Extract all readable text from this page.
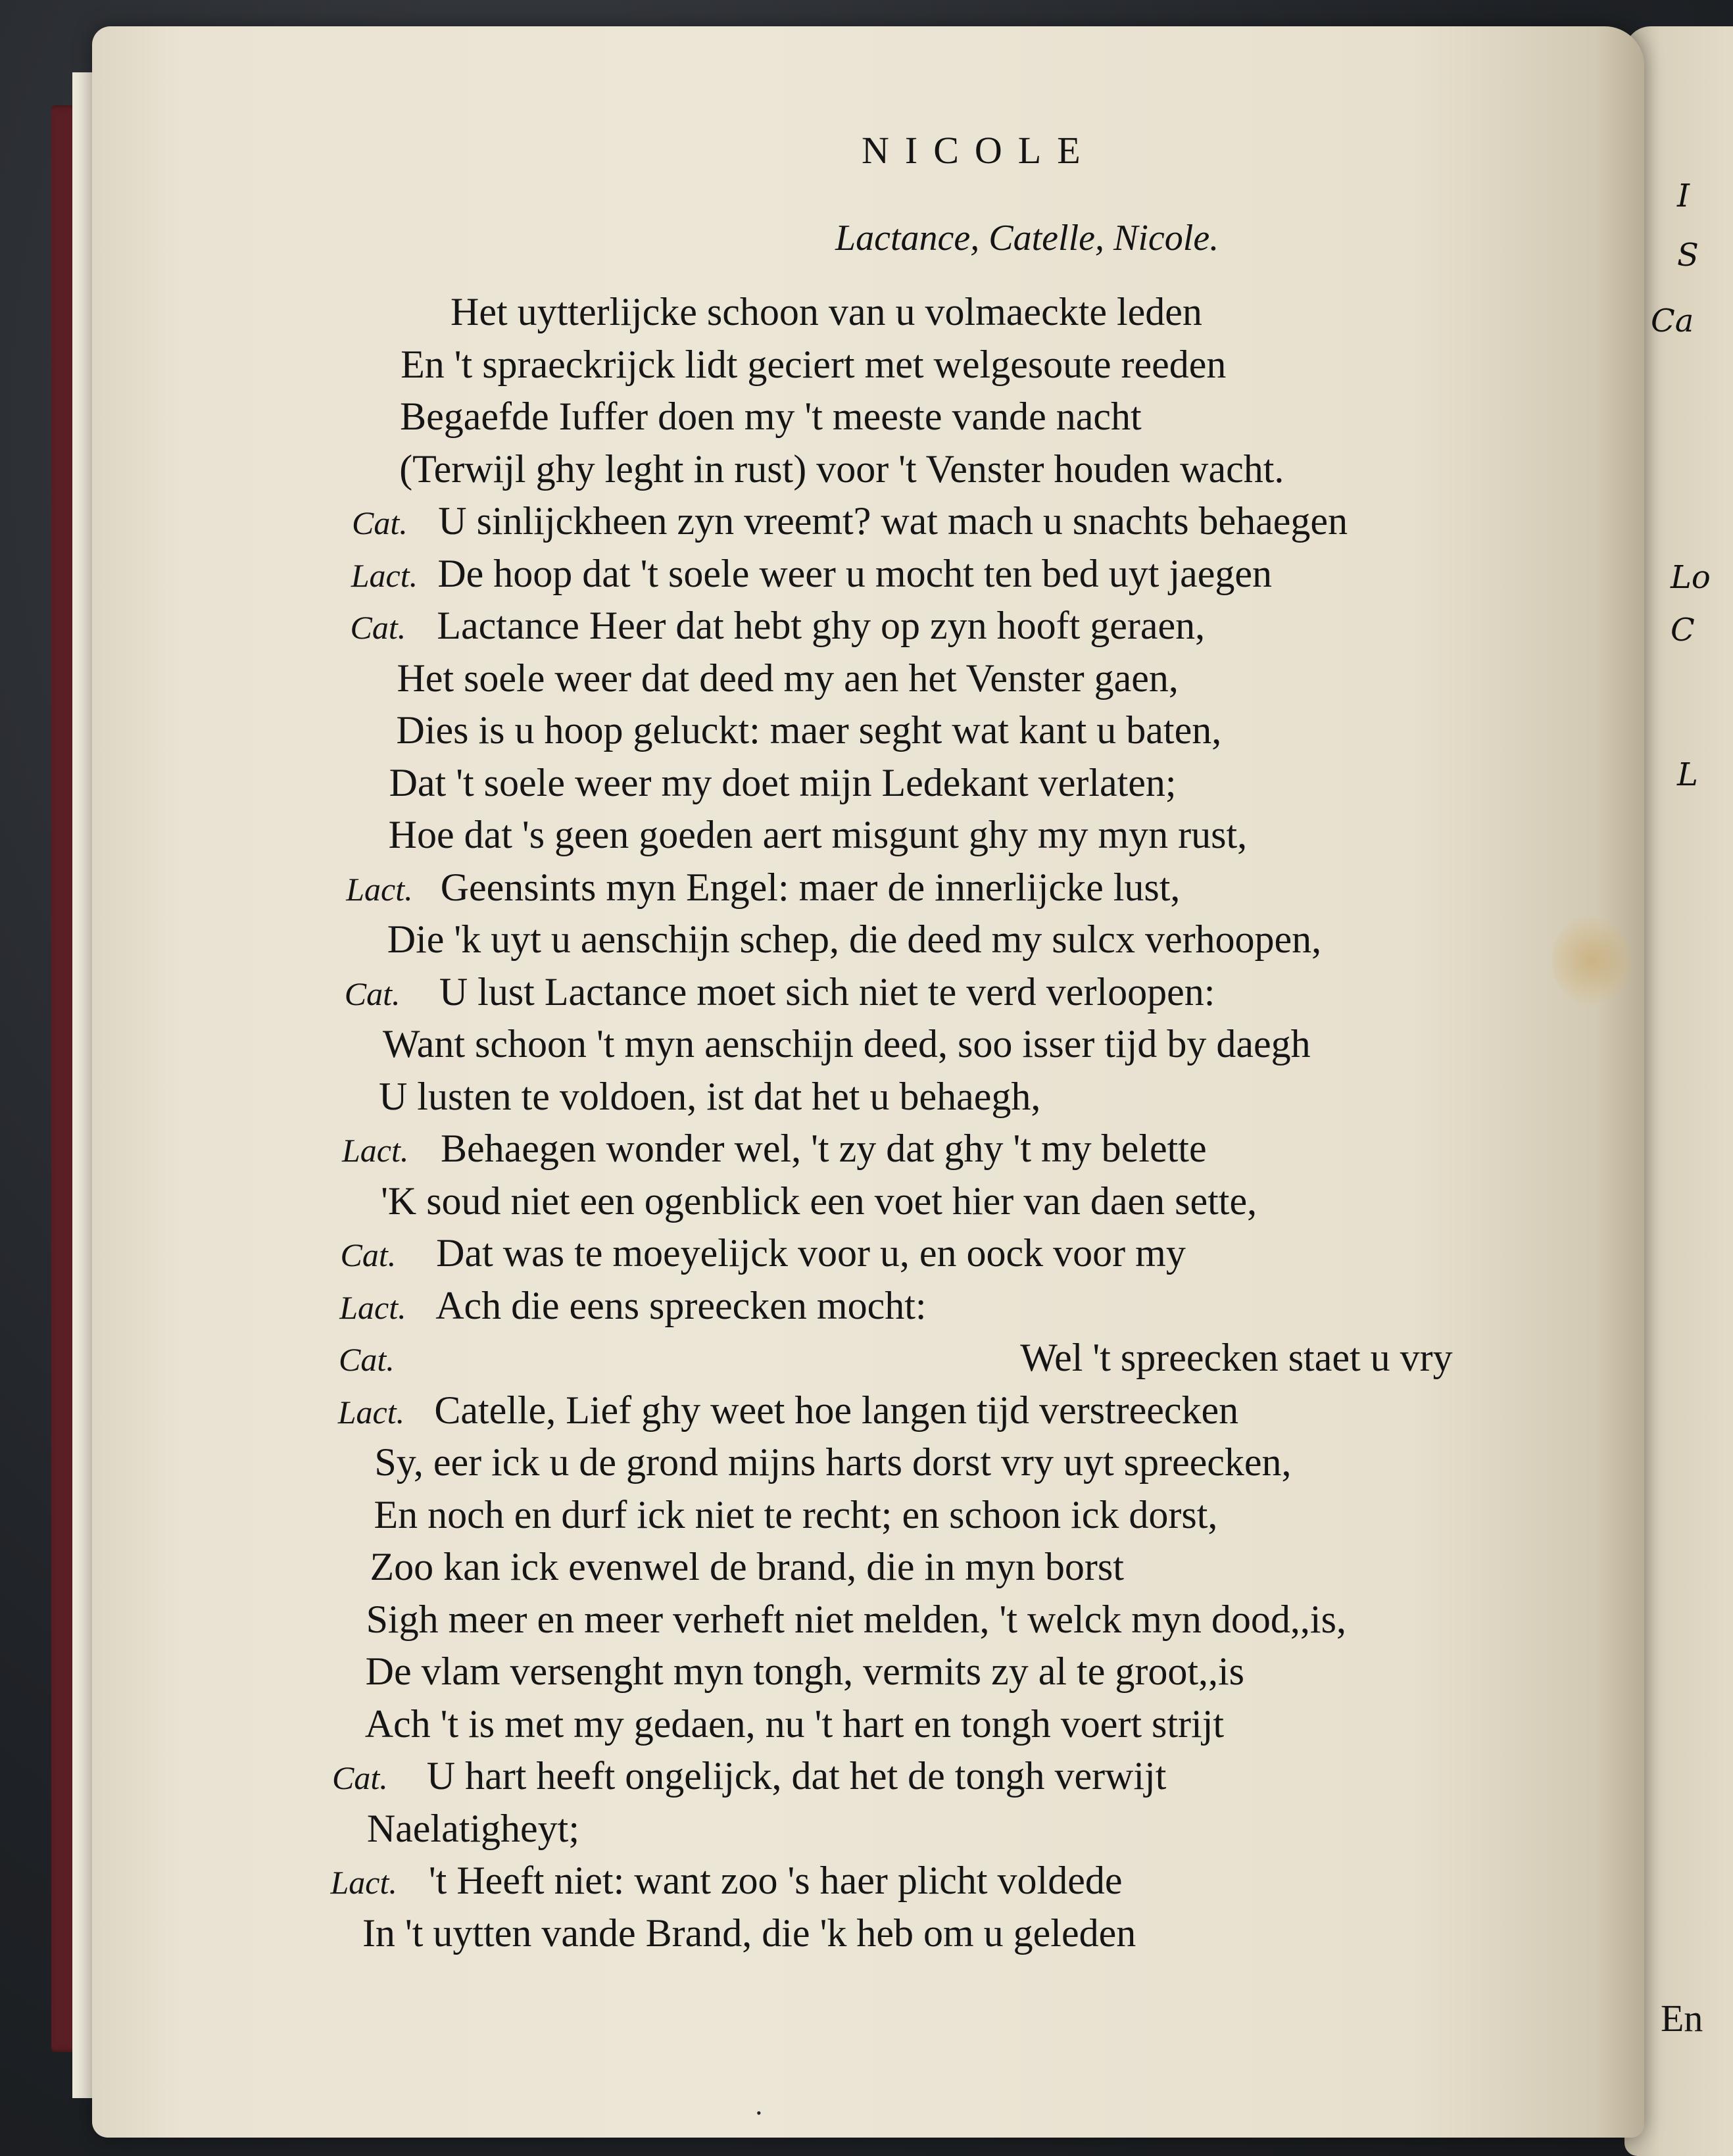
I
S
Ca
Lo
C
L
NICOLE
Lactance, Catelle, Nicole.
Het uytterlijcke schoon van u volmaeckte leden
En 't spraeckrijck lidt geciert met welgesoute reeden
Begaefde Iuffer doen my 't meeste vande nacht
(Terwijl ghy leght in rust) voor 't Venster houden wacht.
Cat. U sinlijckheen zyn vreemt? wat mach u snachts behaegen
Lact. De hoop dat 't soele weer u mocht ten bed uyt jaegen
Cat. Lactance Heer dat hebt ghy op zyn hooft geraen,
Het soele weer dat deed my aen het Venster gaen,
Dies is u hoop geluckt: maer seght wat kant u baten,
Dat 't soele weer my doet mijn Ledekant verlaten;
Hoe dat 's geen goeden aert misgunt ghy my myn rust,
Lact. Geensints myn Engel: maer de innerlijcke lust,
Die 'k uyt u aenschijn schep, die deed my sulcx verhoopen,
Cat. U lust Lactance moet sich niet te verd verloopen:
Want schoon 't myn aenschijn deed, soo isser tijd by daegh
U lusten te voldoen, ist dat het u behaegh,
Lact. Behaegen wonder wel, 't zy dat ghy 't my belette
'K soud niet een ogenblick een voet hier van daen sette,
Cat. Dat was te moeyelijck voor u, en oock voor my
Lact. Ach die eens spreecken mocht:
Cat.	Wel 't spreecken staet u vry
Lact. Catelle, Lief ghy weet hoe langen tijd verstreecken
Sy, eer ick u de grond mijns harts dorst vry uyt spreecken,
En noch en durf ick niet te recht; en schoon ick dorst,
Zoo kan ick evenwel de brand, die in myn borst
Sigh meer en meer verheft niet melden, 't welck myn dood,,is,
De vlam versenght myn tongh, vermits zy al te groot,,is
Ach 't is met my gedaen, nu 't hart en tongh voert strijt
Cat. U hart heeft ongelijck, dat het de tongh verwijt
Naelatigheyt;
Lact. 't Heeft niet: want zoo 's haer plicht voldede
In 't uytten vande Brand, die 'k heb om u geleden
En
•
